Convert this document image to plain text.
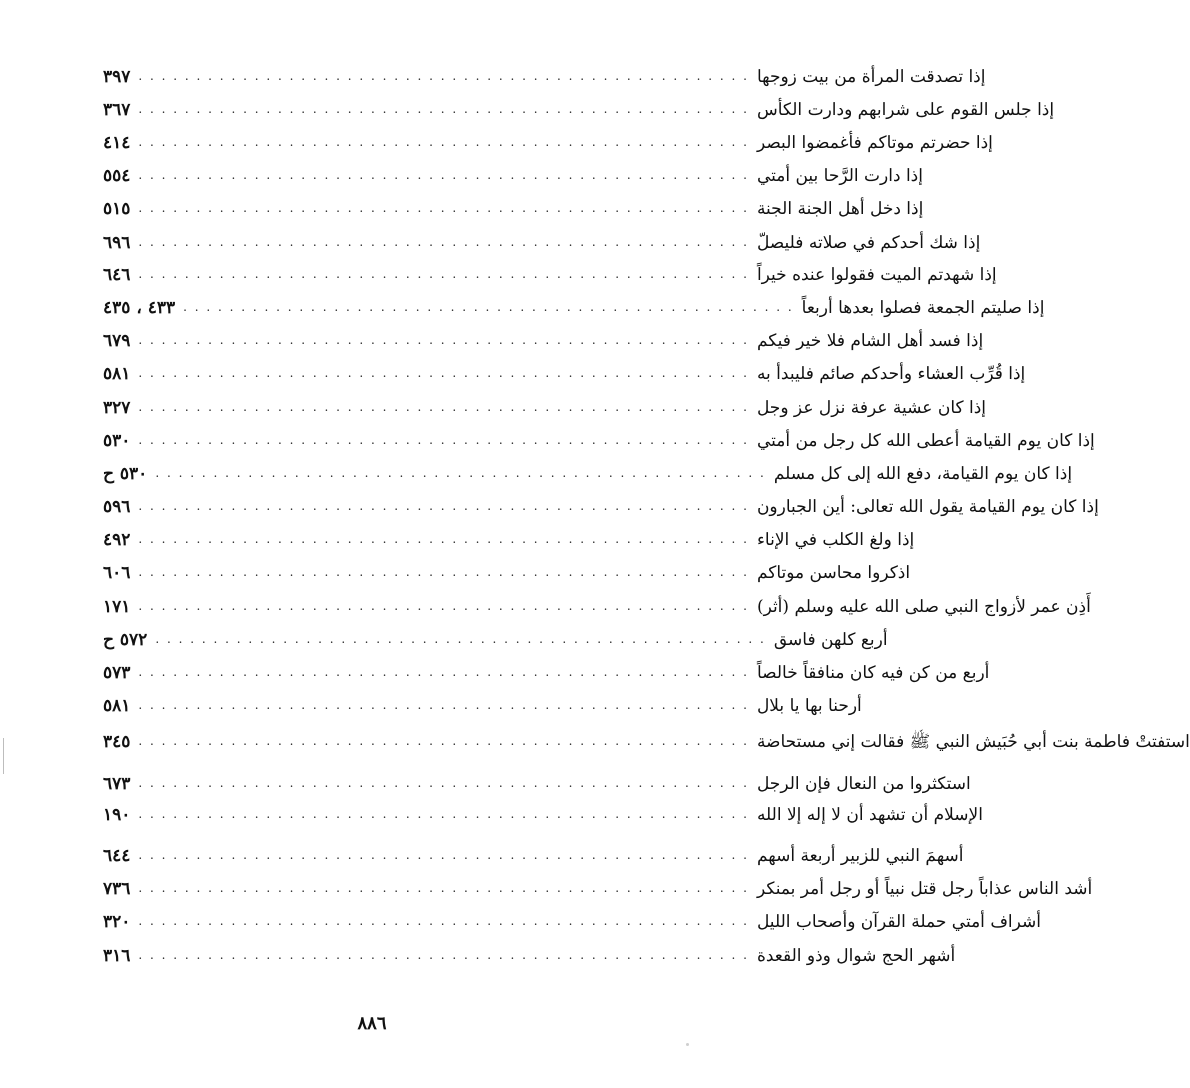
٣٩٧ . . . . . . . . . . . . . . . . . . . . . . . . . . . . . . . . . . . . . . . . . . . . . . . . . . . . . إذا تصدقت المرأة من بيت زوجها
٣٦٧ . . . . . . . . . . . . . . . . . . . . . . . . . . . . . . . . . . . . . . . . . . . . . . . . . . . . . إذا جلس القوم على شرابهم ودارت الكأس
٤١٤ . . . . . . . . . . . . . . . . . . . . . . . . . . . . . . . . . . . . . . . . . . . . . . . . . . . . . إذا حضرتم موتاكم فأغمضوا البصر
٥٥٤ . . . . . . . . . . . . . . . . . . . . . . . . . . . . . . . . . . . . . . . . . . . . . . . . . . . . . إذا دارت الرَّحا بين أمتي
٥١٥ . . . . . . . . . . . . . . . . . . . . . . . . . . . . . . . . . . . . . . . . . . . . . . . . . . . . . إذا دخل أهل الجنة الجنة
٦٩٦ . . . . . . . . . . . . . . . . . . . . . . . . . . . . . . . . . . . . . . . . . . . . . . . . . . . . . إذا شك أحدكم في صلاته فليصلّ
٦٤٦ . . . . . . . . . . . . . . . . . . . . . . . . . . . . . . . . . . . . . . . . . . . . . . . . . . . . . إذا شهدتم الميت فقولوا عنده خيراً
٤٣٣ ، ٤٣٥ . . . . . . . . . . . . . . . . . . . . . . . . . . . . . . . . . . . . . . . . . . . . . . . . . . . . . إذا صليتم الجمعة فصلوا بعدها أربعاً
٦٧٩ . . . . . . . . . . . . . . . . . . . . . . . . . . . . . . . . . . . . . . . . . . . . . . . . . . . . . إذا فسد أهل الشام فلا خير فيكم
٥٨١ . . . . . . . . . . . . . . . . . . . . . . . . . . . . . . . . . . . . . . . . . . . . . . . . . . . . . إذا قُرِّب العشاء وأحدكم صائم فليبدأ به
٣٢٧ . . . . . . . . . . . . . . . . . . . . . . . . . . . . . . . . . . . . . . . . . . . . . . . . . . . . . إذا كان عشية عرفة نزل عز وجل
٥٣٠ . . . . . . . . . . . . . . . . . . . . . . . . . . . . . . . . . . . . . . . . . . . . . . . . . . . . . إذا كان يوم القيامة أعطى الله كل رجل من أمتي
٥٣٠ ح . . . . . . . . . . . . . . . . . . . . . . . . . . . . . . . . . . . . . . . . . . . . . . . . . . . . . إذا كان يوم القيامة، دفع الله إلى كل مسلم
٥٩٦ . . . . . . . . . . . . . . . . . . . . . . . . . . . . . . . . . . . . . . . . . . . . . . . . . . . . . إذا كان يوم القيامة يقول الله تعالى: أين الجبارون
٤٩٢ . . . . . . . . . . . . . . . . . . . . . . . . . . . . . . . . . . . . . . . . . . . . . . . . . . . . . إذا ولغ الكلب في الإناء
٦٠٦ . . . . . . . . . . . . . . . . . . . . . . . . . . . . . . . . . . . . . . . . . . . . . . . . . . . . . اذكروا محاسن موتاكم
١٧١ . . . . . . . . . . . . . . . . . . . . . . . . . . . . . . . . . . . . . . . . . . . . . . . . . . . . . أَذِن عمر لأزواج النبي صلى الله عليه وسلم (أثر)
٥٧٢ ح . . . . . . . . . . . . . . . . . . . . . . . . . . . . . . . . . . . . . . . . . . . . . . . . . . . . . أربع كلهن فاسق
٥٧٣ . . . . . . . . . . . . . . . . . . . . . . . . . . . . . . . . . . . . . . . . . . . . . . . . . . . . . أربع من كن فيه كان منافقاً خالصاً
٥٨١ . . . . . . . . . . . . . . . . . . . . . . . . . . . . . . . . . . . . . . . . . . . . . . . . . . . . . أرحنا بها يا بلال
٣٤٥ . . . . . . . . . . . . . . . . . . . . . . . . . . . . . . . . . . . . . . . . . . . . . . . . . . . . . استفتتْ فاطمة بنت أبي حُبَيش النبي ﷺ فقالت إني مستحاضة
٦٧٣ . . . . . . . . . . . . . . . . . . . . . . . . . . . . . . . . . . . . . . . . . . . . . . . . . . . . . استكثروا من النعال فإن الرجل
١٩٠ . . . . . . . . . . . . . . . . . . . . . . . . . . . . . . . . . . . . . . . . . . . . . . . . . . . . . الإسلام أن تشهد أن لا إله إلا الله
٦٤٤ . . . . . . . . . . . . . . . . . . . . . . . . . . . . . . . . . . . . . . . . . . . . . . . . . . . . . أسهمَ النبي للزبير أربعة أسهم
٧٣٦ . . . . . . . . . . . . . . . . . . . . . . . . . . . . . . . . . . . . . . . . . . . . . . . . . . . . . أشد الناس عذاباً رجل قتل نبياً أو رجل أمر بمنكر
٣٢٠ . . . . . . . . . . . . . . . . . . . . . . . . . . . . . . . . . . . . . . . . . . . . . . . . . . . . . أشراف أمتي حملة القرآن وأصحاب الليل
٣١٦ . . . . . . . . . . . . . . . . . . . . . . . . . . . . . . . . . . . . . . . . . . . . . . . . . . . . . أشهر الحج شوال وذو القعدة
٨٨٦
